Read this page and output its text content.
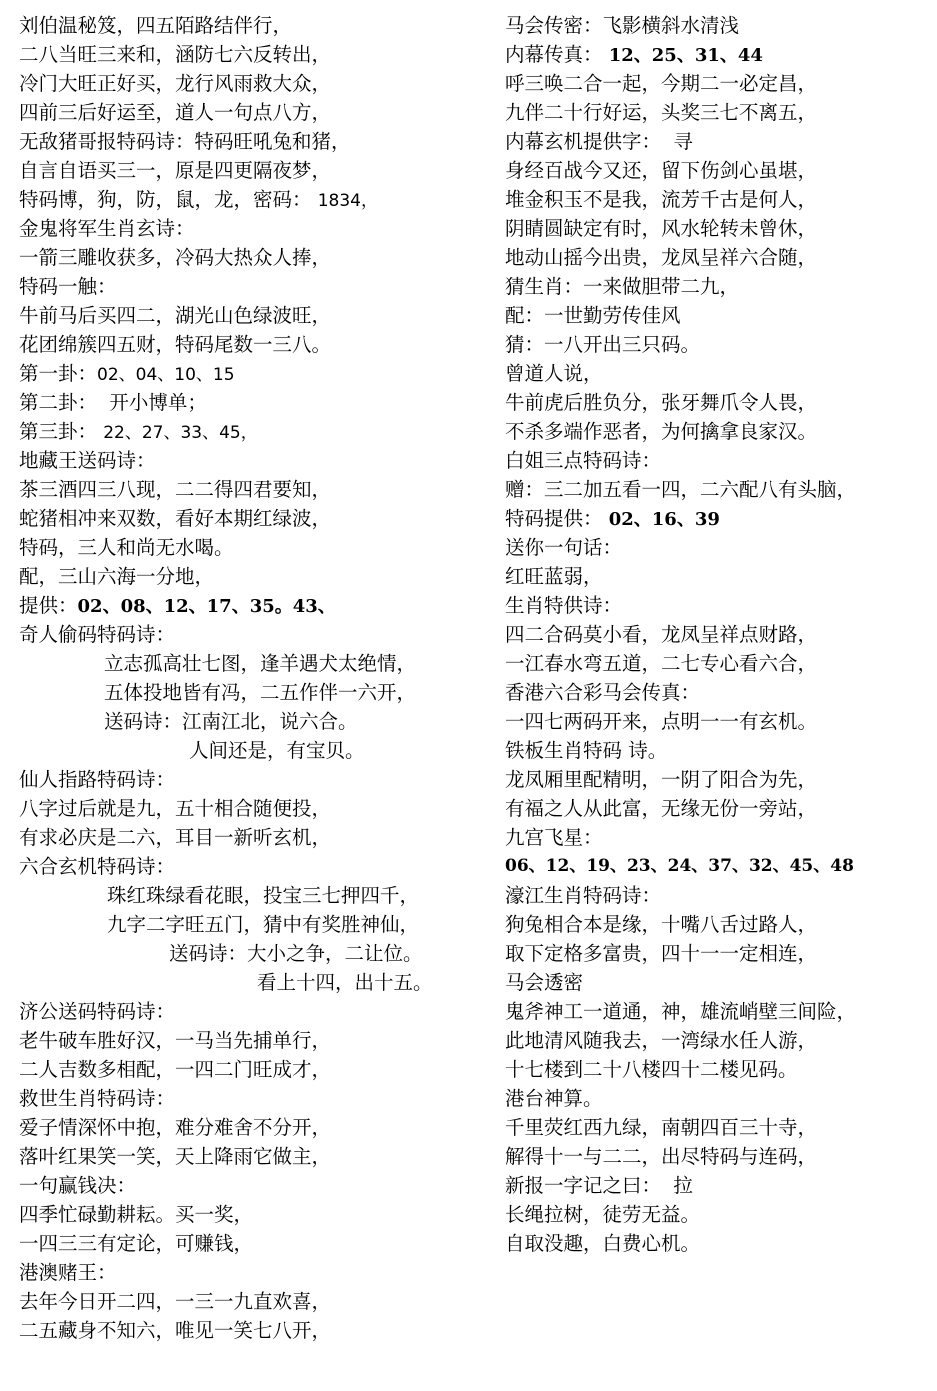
刘伯温秘笈，四五陌路结伴行，
二八当旺三来和，涵防七六反转出，
冷门大旺正好买，龙行风雨救大众，
四前三后好运至，道人一句点八方，
无敌猪哥报特码诗：特码旺吼兔和猪，
自言自语买三一，原是四更隔夜梦，
特码博，狗，防，鼠，龙，密码： 1834，
金鬼将军生肖玄诗：
一箭三雕收获多，冷码大热众人捧，
特码一触：
牛前马后买四二，湖光山色绿波旺，
花团绵簇四五财，特码尾数一三八。
第一卦：02、04、10、15
第二卦： 开小博单；
第三卦： 22、27、33、45，
地藏王送码诗：
茶三酒四三八现，二二得四君要知，
蛇猪相冲来双数，看好本期红绿波，
特码，三人和尚无水喝。
配，三山六海一分地，
提供：02、08、12、17、35。43、
奇人偷码特码诗：
立志孤高壮七图，逢羊遇犬太绝情，
五体投地皆有冯，二五作伴一六开，
送码诗：江南江北，说六合。
人间还是，有宝贝。
仙人指路特码诗：
八字过后就是九，五十相合随便投，
有求必庆是二六，耳目一新听玄机，
六合玄机特码诗：
珠红珠绿看花眼，投宝三七押四千，
九字二字旺五门，猜中有奖胜神仙，
送码诗：大小之争，二让位。
看上十四，出十五。
济公送码特码诗：
老牛破车胜好汉，一马当先捕单行，
二人吉数多相配，一四二门旺成才，
救世生肖特码诗：
爱子情深怀中抱，难分难舍不分开，
落叶红果笑一笑，天上降雨它做主，
一句赢钱决：
四季忙碌勤耕耘。买一奖，
一四三三有定论，可赚钱，
港澳赌王：
去年今日开二四，一三一九直欢喜，
二五藏身不知六，唯见一笑七八开，
马会传密：飞影横斜水清浅
内幕传真： 12、25、31、44
呼三唤二合一起，今期二一必定昌，
九伴二十行好运，头奖三七不离五，
内幕玄机提供字：  寻
身经百战今又还，留下伤剑心虽堪，
堆金积玉不是我，流芳千古是何人，
阴睛圆缺定有时，风水轮转未曾休，
地动山摇今出贵，龙凤呈祥六合随，
猜生肖：一来做胆带二九，
配：一世勤劳传佳风
猜：一八开出三只码。
曾道人说，
牛前虎后胜负分，张牙舞爪令人畏，
不杀多端作恶者，为何擒拿良家汉。
白姐三点特码诗：
赠：三二加五看一四，二六配八有头脑，
特码提供： 02、16、39
送你一句话：
红旺蓝弱，
生肖特供诗：
四二合码莫小看，龙凤呈祥点财路，
一江春水弯五道，二七专心看六合，
香港六合彩马会传真：
一四七两码开来，点明一一有玄机。
铁板生肖特码 诗。
龙凤厢里配精明，一阴了阳合为先，
有福之人从此富，无缘无份一旁站，
九宫飞星：
06、12、19、23、24、37、32、45、48
濠江生肖特码诗：
狗兔相合本是缘，十嘴八舌过路人，
取下定格多富贵，四十一一定相连，
马会透密
鬼斧神工一道通，神，雄流峭壁三间险，
此地清风随我去，一湾绿水任人游，
十七楼到二十八楼四十二楼见码。
港台神算。
千里荧红西九绿，南朝四百三十寺，
解得十一与二二，出尽特码与连码，
新报一字记之曰：  拉
长绳拉树，徒劳无益。
自取没趣，白费心机。
